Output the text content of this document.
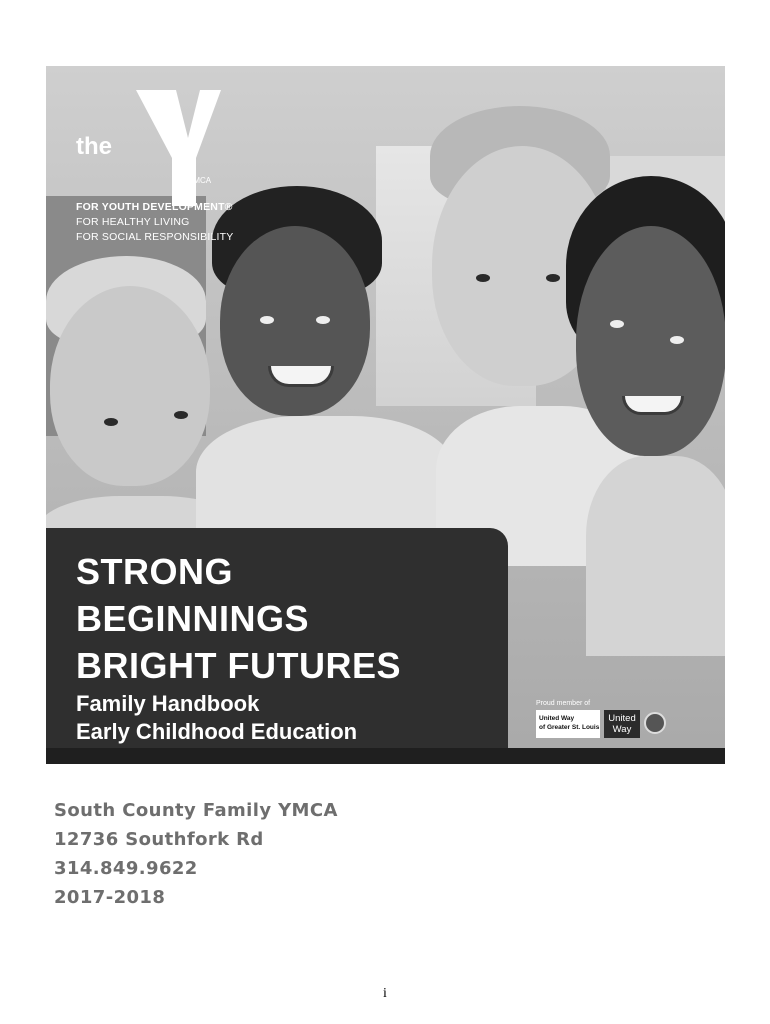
YMCA
the
FOR YOUTH DEVELOPMENT®
FOR HEALTHY LIVING
FOR SOCIAL RESPONSIBILITY
STRONG
BEGINNINGS
BRIGHT FUTURES
Family Handbook
Early Childhood Education
Proud member of
United Way
of Greater St. Louis
United
Way
South County Family YMCA
12736 Southfork Rd
314.849.9622
2017-2018
i
